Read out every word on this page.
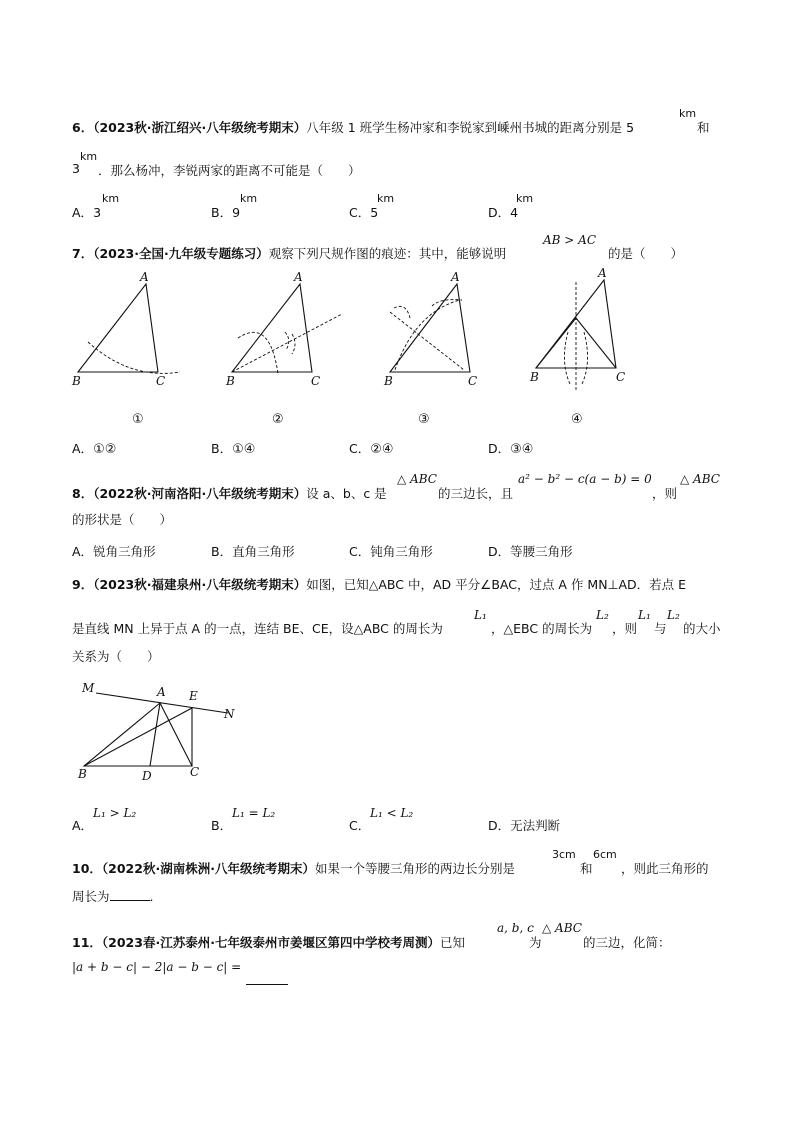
6．（2023秋·浙江绍兴·八年级统考期末）八年级 1 班学生杨冲家和李锐家到嵊州书城的距离分别是 5
km
和
3
km
．那么杨冲，李锐两家的距离不可能是（　　）
A．3
km
B．9
km
C．5
km
D．4
km
7．（2023·全国·九年级专题练习）观察下列尺规作图的痕迹：其中，能够说明
AB > AC
的是（　　）
A
B	C
A
B	C
A
B	C
A
B	C
①	②	③	④
A．①②	B．①④	C．②④	D．③④
8．（2022秋·河南洛阳·八年级统考期末）设 a、b、c 是
△ ABC
的三边长，且
a² − b² − c(a − b) = 0
，则
△ ABC
的形状是（　　）
A．锐角三角形	B．直角三角形	C．钝角三角形	D．等腰三角形
9．（2023秋·福建泉州·八年级统考期末）如图，已知△ABC 中，AD 平分∠BAC，过点 A 作 MN⊥AD．若点 E
是直线 MN 上异于点 A 的一点，连结 BE、CE，设△ABC 的周长为
L₁
，△EBC 的周长为
L₂
，则
L₁
与
L₂
的大小
关系为（　　）
M	A E
N
B	D	C
A．
L₁ > L₂
B．
L₁ = L₂
C．
L₁ < L₂
D．无法判断
10．（2022秋·湖南株洲·八年级统考期末）如果一个等腰三角形的两边长分别是
3cm
和
6cm
，则此三角形的
周长为	．
11．（2023春·江苏泰州·七年级泰州市姜堰区第四中学校考周测）已知
a, b, c
为
△ ABC
的三边，化简：
|a + b − c| − 2|a − b − c| =
